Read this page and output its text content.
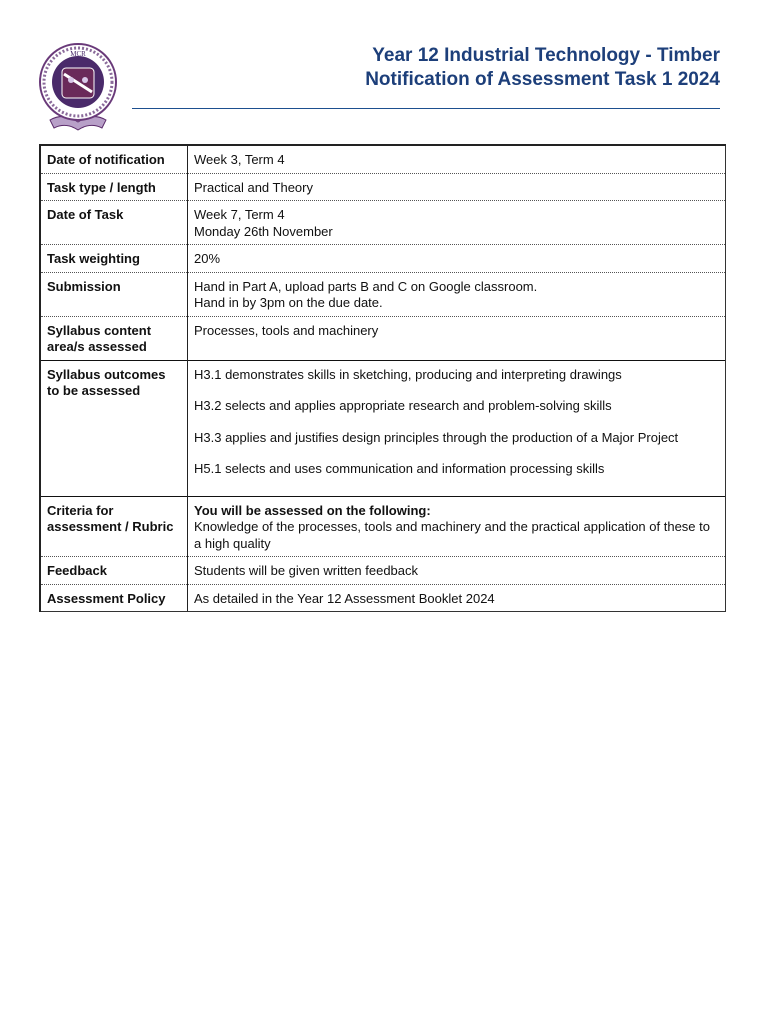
MCR	Year 12 Industrial Technology - Timber
Notification of Assessment Task 1 2024
Date of notification	Week 3, Term 4
Task type / length	Practical and Theory
Date of Task	Week 7, Term 4
Monday 26th November

Task weighting	20%
Submission	Hand in Part A, upload parts B and C on Google classroom.
Hand in by 3pm on the due date.

Syllabus content area/s assessed	Processes, tools and machinery
Syllabus outcomes to be assessed	H3.1 demonstrates skills in sketching, producing and interpreting drawings
H3.2 selects and applies appropriate research and problem-solving skills
H3.3 applies and justifies design principles through the production of a Major Project
H5.1 selects and uses communication and information processing skills

Criteria for assessment / Rubric	You will be assessed on the following:
Knowledge of the processes, tools and machinery and the practical application of these to a high quality

Feedback	Students will be given written feedback
Assessment Policy	As detailed in the Year 12 Assessment Booklet 2024
